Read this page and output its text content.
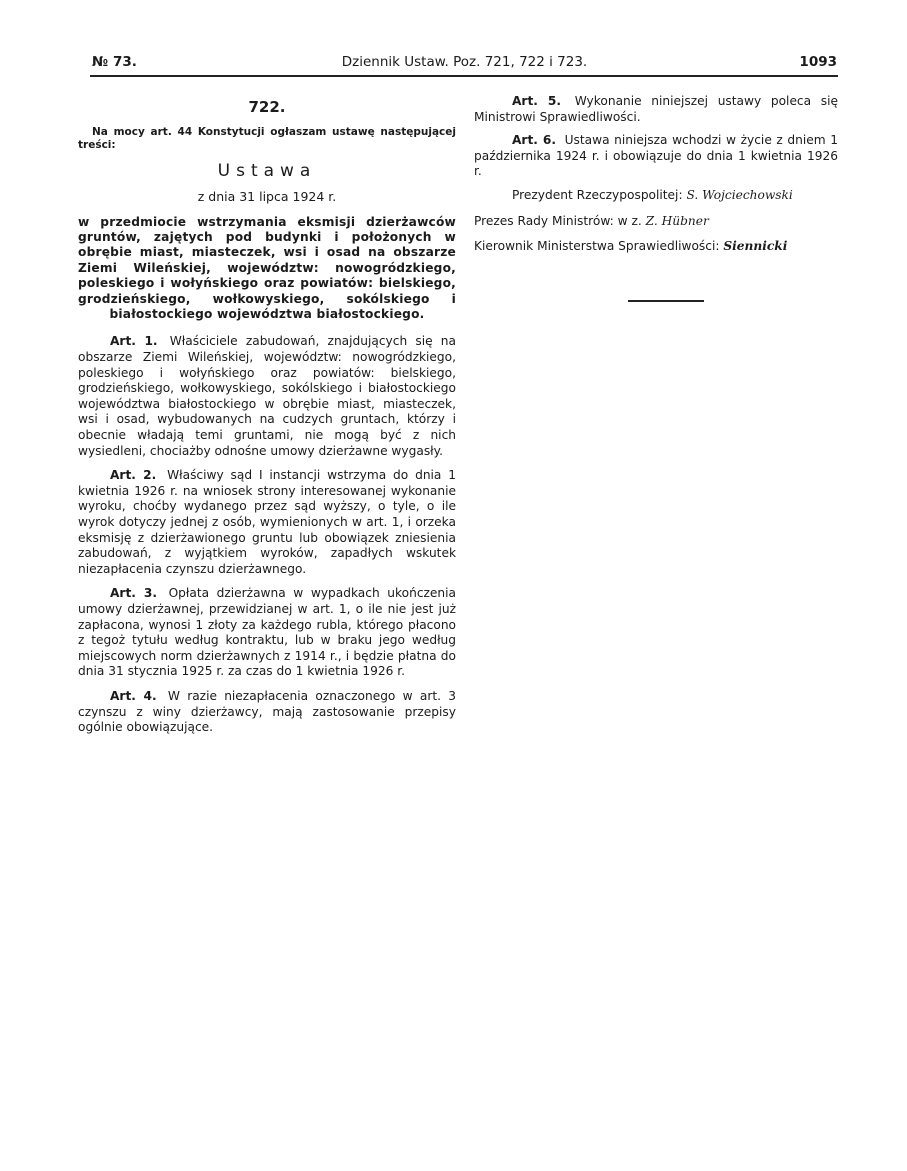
№ 73.	Dziennik Ustaw. Poz. 721, 722 i 723.	1093
722.
Na mocy art. 44 Konstytucji ogłaszam ustawę następującej treści:
Ustawa
z dnia 31 lipca 1924 r.
w przedmiocie wstrzymania eksmisji dzierżawców gruntów, zajętych pod budynki i położonych w obrębie miast, miasteczek, wsi i osad na obszarze Ziemi Wileńskiej, województw: nowogródzkiego, poleskiego i wołyńskiego oraz powiatów: bielskiego, grodzieńskiego, wołkowyskiego, sokólskiego i białostockiego województwa białostockiego.

Art. 1. Właściciele zabudowań, znajdujących się na obszarze Ziemi Wileńskiej, województw: nowogródzkiego, poleskiego i wołyńskiego oraz powiatów: bielskiego, grodzieńskiego, wołkowyskiego, sokólskiego i białostockiego województwa białostockiego w obrębie miast, miasteczek, wsi i osad, wybudowanych na cudzych gruntach, którzy i obecnie władają temi gruntami, nie mogą być z nich wysiedleni, chociażby odnośne umowy dzierżawne wygasły.

Art. 2. Właściwy sąd I instancji wstrzyma do dnia 1 kwietnia 1926 r. na wniosek strony interesowanej wykonanie wyroku, choćby wydanego przez sąd wyższy, o tyle, o ile wyrok dotyczy jednej z osób, wymienionych w art. 1, i orzeka eksmisję z dzierżawionego gruntu lub obowiązek zniesienia zabudowań, z wyjątkiem wyroków, zapadłych wskutek niezapłacenia czynszu dzierżawnego.

Art. 3. Opłata dzierżawna w wypadkach ukończenia umowy dzierżawnej, przewidzianej w art. 1, o ile nie jest już zapłacona, wynosi 1 złoty za każdego rubla, którego płacono z tegoż tytułu według kontraktu, lub w braku jego według miejscowych norm dzierżawnych z 1914 r., i będzie płatna do dnia 31 stycznia 1925 r. za czas do 1 kwietnia 1926 r.

Art. 4. W razie niezapłacenia oznaczonego w art. 3 czynszu z winy dzierżawcy, mają zastosowanie przepisy ogólnie obowiązujące.

Art. 5. Wykonanie niniejszej ustawy poleca się Ministrowi Sprawiedliwości.

Art. 6. Ustawa niniejsza wchodzi w życie z dniem 1 października 1924 r. i obowiązuje do dnia 1 kwietnia 1926 r.

Prezydent Rzeczypospolitej: S. Wojciechowski
Prezes Rady Ministrów: w z. Z. Hübner
Kierownik Ministerstwa Sprawiedliwości: Siennicki
